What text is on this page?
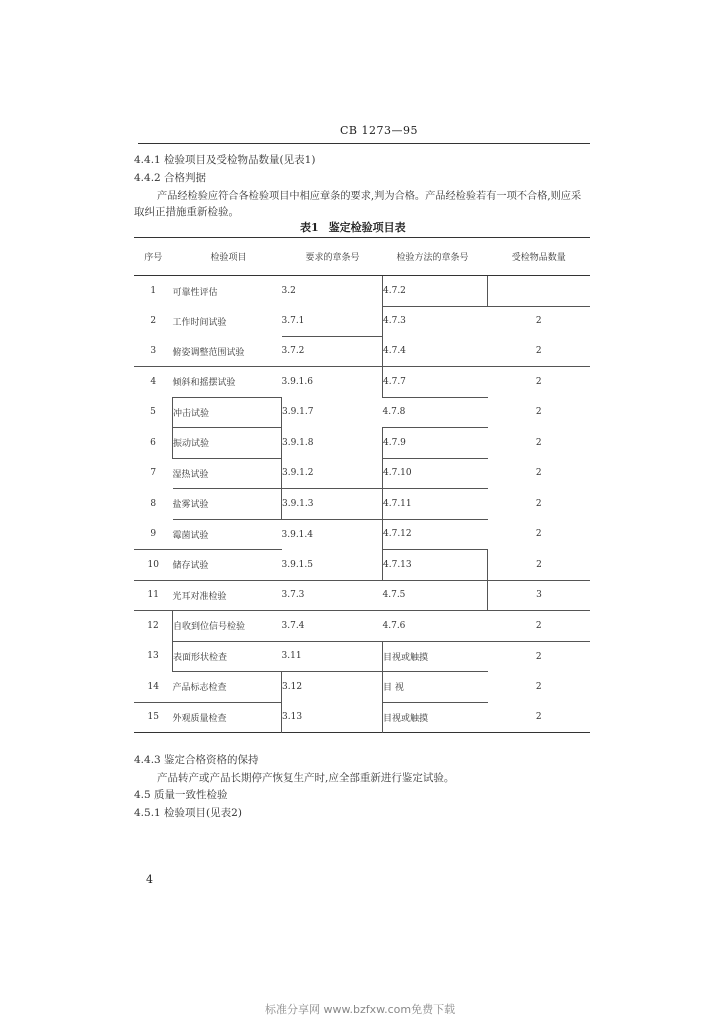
CB 1273—95
4.4.1 检验项目及受检物品数量(见表1)
4.4.2 合格判据
产品经检验应符合各检验项目中相应章条的要求,判为合格。产品经检验若有一项不合格,则应采
取纠正措施重新检验。
表1 鉴定检验项目表
序号	检验项目	要求的章条号	检验方法的章条号	受检物品数量
1	可靠性评估	3.2	4.7.2	
2	工作时间试验	3.7.1	4.7.3	2
3	俯姿调整范围试验	3.7.2	4.7.4	2
4	倾斜和摇摆试验	3.9.1.6	4.7.7	2
5	冲击试验	3.9.1.7	4.7.8	2
6	振动试验	3.9.1.8	4.7.9	2
7	湿热试验	3.9.1.2	4.7.10	2
8	盐雾试验	3.9.1.3	4.7.11	2
9	霉菌试验	3.9.1.4	4.7.12	2
10	储存试验	3.9.1.5	4.7.13	2
11	光耳对准检验	3.7.3	4.7.5	3
12	自收到位信号检验	3.7.4	4.7.6	2
13	表面形状检查	3.11	目视或触摸	2
14	产品标志检查	3.12	目 视	2
15	外观质量检查	3.13	目视或触摸	2
4.4.3 鉴定合格资格的保持
产品转产或产品长期停产恢复生产时,应全部重新进行鉴定试验。
4.5 质量一致性检验
4.5.1 检验项目(见表2)
4
标准分享网 www.bzfxw.com免费下载
